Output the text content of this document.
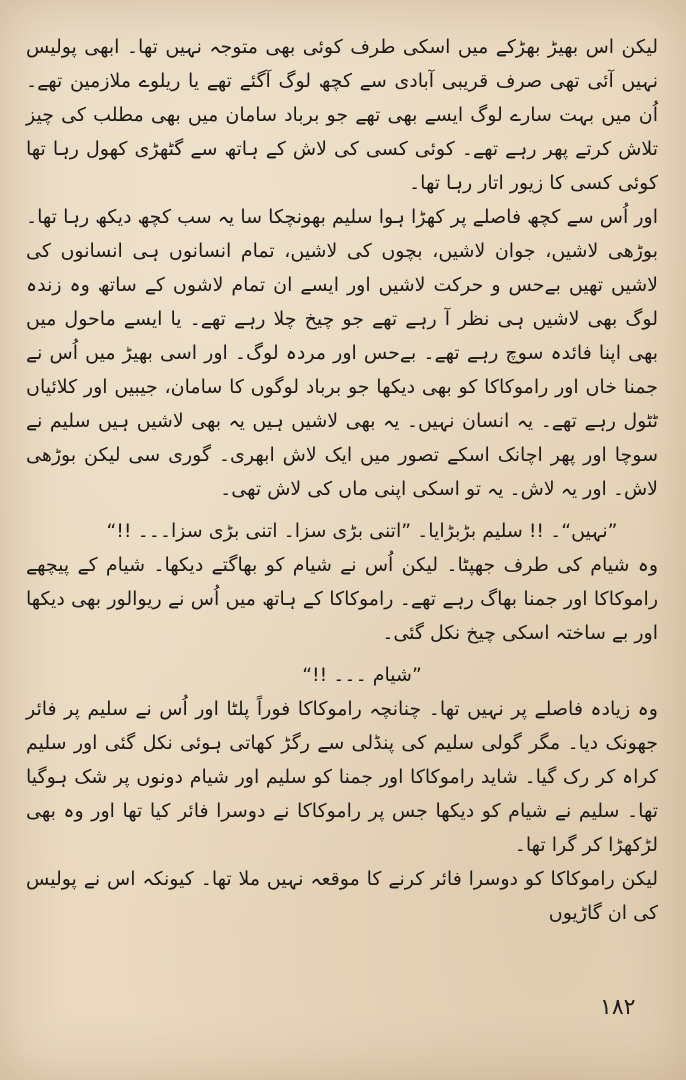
لیکن اس بھیڑ بھڑکے میں اسکی طرف کوئی بھی متوجہ نہیں تھا۔ ابھی پولیس نہیں آئی تھی صرف قریبی آبادی سے کچھ لوگ آگئے تھے یا ریلوے ملازمین تھے۔ اُن میں بہت سارے لوگ ایسے بھی تھے جو برباد سامان میں بھی مطلب کی چیز تلاش کرتے پھر رہے تھے۔ کوئی کسی کی لاش کے ہاتھ سے گٹھڑی کھول رہا تھا کوئی کسی کا زیور اتار رہا تھا۔

اور اُس سے کچھ فاصلے پر کھڑا ہوا سلیم بھونچکا سا یہ سب کچھ دیکھ رہا تھا۔ بوڑھی لاشیں، جوان لاشیں، بچوں کی لاشیں، تمام انسانوں ہی انسانوں کی لاشیں تھیں بےحس و حرکت لاشیں اور ایسے ان تمام لاشوں کے ساتھ وہ زندہ لوگ بھی لاشیں ہی نظر آ رہے تھے جو چیخ چلا رہے تھے۔ یا ایسے ماحول میں بھی اپنا فائدہ سوچ رہے تھے۔ بےحس اور مردہ لوگ۔ اور اسی بھیڑ میں اُس نے جمنا خاں اور راموکاکا کو بھی دیکھا جو برباد لوگوں کا سامان، جیبیں اور کلائیاں ٹٹول رہے تھے۔ یہ انسان نہیں۔ یہ بھی لاشیں ہیں یہ بھی لاشیں ہیں سلیم نے سوچا اور پھر اچانک اسکے تصور میں ایک لاش ابھری۔ گوری سی لیکن بوڑھی لاش۔ اور یہ لاش۔ یہ تو اسکی اپنی ماں کی لاش تھی۔

”نہیں“۔ !! سلیم بڑبڑایا۔ ”اتنی بڑی سزا۔ اتنی بڑی سزا۔۔۔ !!“

وہ شیام کی طرف جھپٹا۔ لیکن اُس نے شیام کو بھاگتے دیکھا۔ شیام کے پیچھے راموکاکا اور جمنا بھاگ رہے تھے۔ راموکاکا کے ہاتھ میں اُس نے ریوالور بھی دیکھا اور بے ساختہ اسکی چیخ نکل گئی۔

”شیام ۔۔۔ !!“

وہ زیادہ فاصلے پر نہیں تھا۔ چنانچہ راموکاکا فوراً پلٹا اور اُس نے سلیم پر فائر جھونک دیا۔ مگر گولی سلیم کی پنڈلی سے رگڑ کھاتی ہوئی نکل گئی اور سلیم کراہ کر رک گیا۔ شاید راموکاکا اور جمنا کو سلیم اور شیام دونوں پر شک ہوگیا تھا۔ سلیم نے شیام کو دیکھا جس پر راموکاکا نے دوسرا فائر کیا تھا اور وہ بھی لڑکھڑا کر گرا تھا۔

لیکن راموکاکا کو دوسرا فائر کرنے کا موقعہ نہیں ملا تھا۔ کیونکہ اس نے پولیس کی ان گاڑیوں

۱۸۲
